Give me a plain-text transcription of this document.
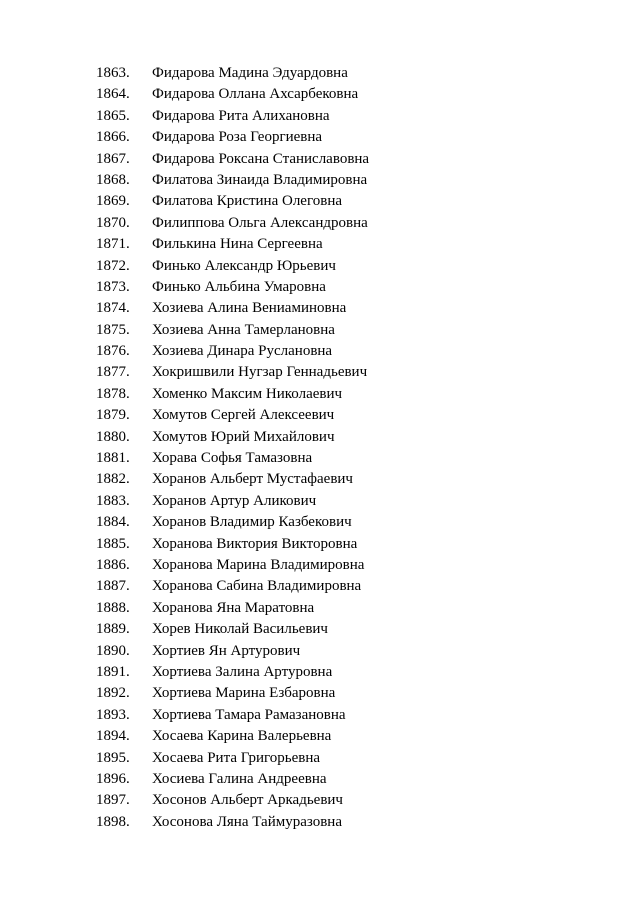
1863. Фидарова Мадина Эдуардовна
1864. Фидарова Оллана Ахсарбековна
1865. Фидарова Рита Алихановна
1866. Фидарова Роза Георгиевна
1867. Фидарова Роксана Станиславовна
1868. Филатова Зинаида Владимировна
1869. Филатова Кристина Олеговна
1870. Филиппова Ольга Александровна
1871. Филькина Нина Сергеевна
1872. Финько Александр Юрьевич
1873. Финько Альбина Умаровна
1874. Хозиева Алина Вениаминовна
1875. Хозиева Анна Тамерлановна
1876. Хозиева Динара Руслановна
1877. Хокришвили Нугзар Геннадьевич
1878. Хоменко Максим Николаевич
1879. Хомутов Сергей Алексеевич
1880. Хомутов Юрий Михайлович
1881. Хорава Софья Тамазовна
1882. Хоранов Альберт Мустафаевич
1883. Хоранов Артур Аликович
1884. Хоранов Владимир Казбекович
1885. Хоранова Виктория Викторовна
1886. Хоранова Марина Владимировна
1887. Хоранова Сабина Владимировна
1888. Хоранова Яна Маратовна
1889. Хорев Николай Васильевич
1890. Хортиев Ян Артурович
1891. Хортиева Залина Артуровна
1892. Хортиева Марина Езбаровна
1893. Хортиева Тамара Рамазановна
1894. Хосаева Карина Валерьевна
1895. Хосаева Рита Григорьевна
1896. Хосиева Галина Андреевна
1897. Хосонов Альберт Аркадьевич
1898. Хосонова Ляна Таймуразовна
